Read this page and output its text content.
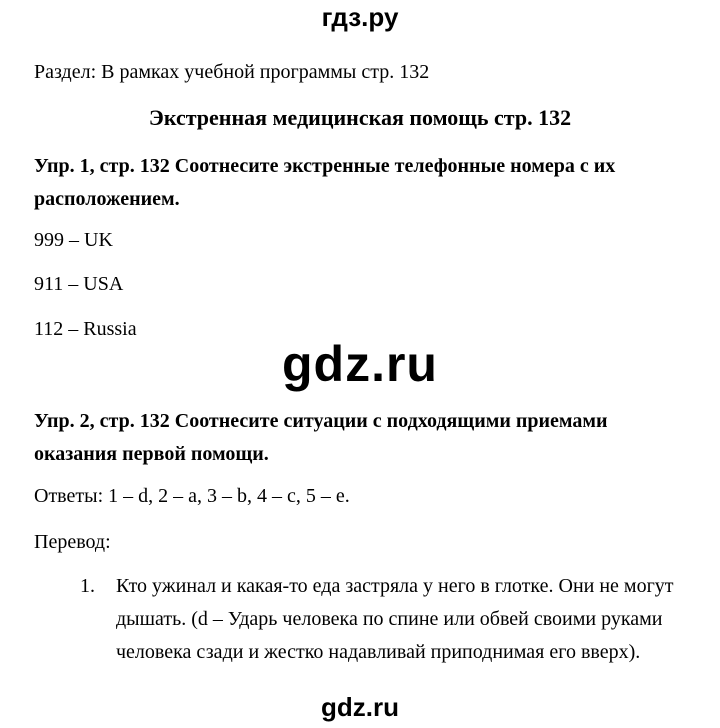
гдз.ру
Раздел: В рамках учебной программы стр. 132
Экстренная медицинская помощь стр. 132
Упр. 1, стр. 132 Соотнесите экстренные телефонные номера с их расположением.
999 – UK
911 – USA
112 – Russia
gdz.ru
Упр. 2, стр. 132 Соотнесите ситуации с подходящими приемами оказания первой помощи.
Ответы: 1 – d, 2 – a, 3 – b, 4 – c, 5 – e.
Перевод:
1. Кто ужинал и какая-то еда застряла у него в глотке. Они не могут дышать. (d – Ударь человека по спине или обвей своими руками человека сзади и жестко надавливай приподнимая его вверх).
gdz.ru
